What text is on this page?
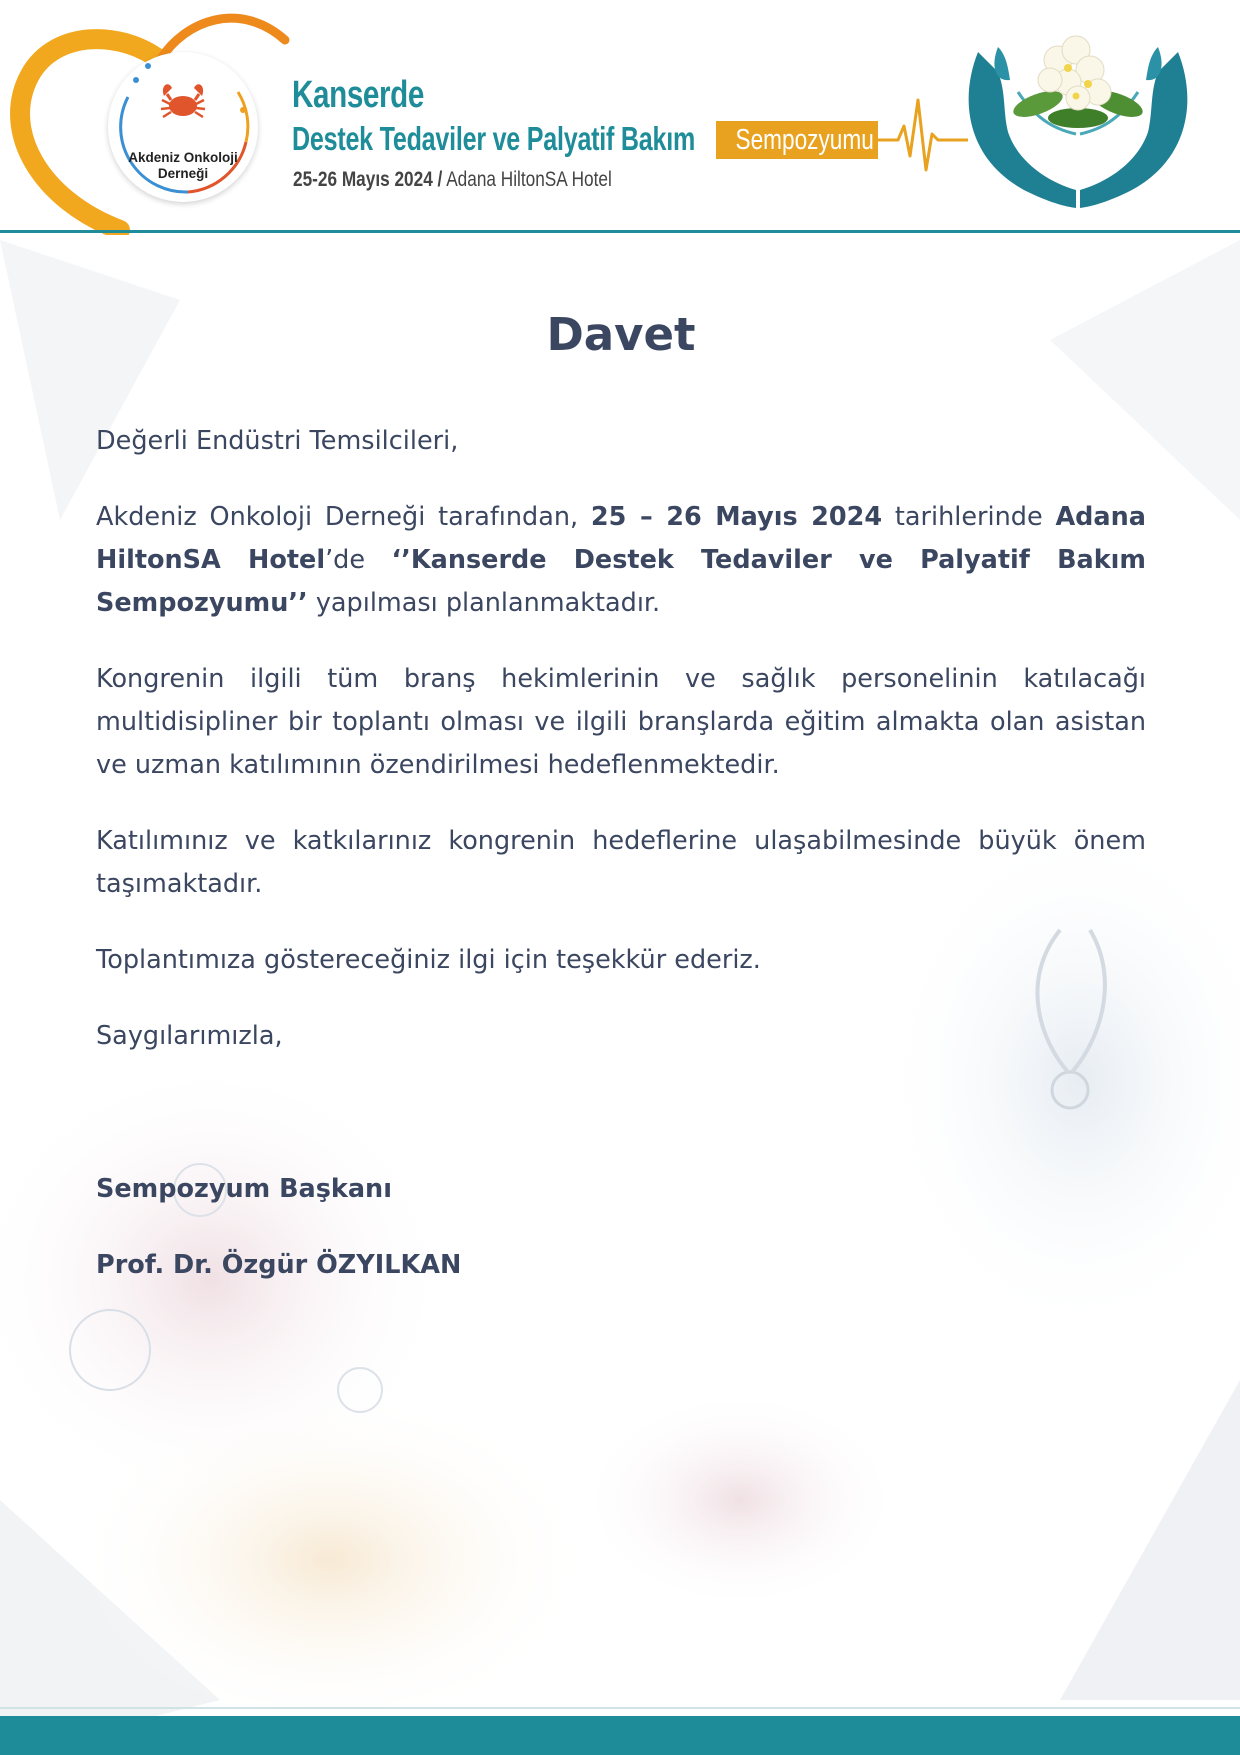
Akdeniz Onkoloji
Derneği
Kanserde
Destek Tedaviler ve Palyatif Bakım	Sempozyumu
25-26 Mayıs 2024 / Adana HiltonSA Hotel
Davet

Değerli Endüstri Temsilcileri,

Akdeniz Onkoloji Derneği tarafından, 25 – 26 Mayıs 2024 tarihlerinde Adana HiltonSA Hotel’de ‘’Kanserde Destek Tedaviler ve Palyatif Bakım Sempozyumu’’ yapılması planlanmaktadır.

Kongrenin ilgili tüm branş hekimlerinin ve sağlık personelinin katılacağı multidisipliner bir toplantı olması ve ilgili branşlarda eğitim almakta olan asistan ve uzman katılımının özendirilmesi hedeflenmektedir.

Katılımınız ve katkılarınız kongrenin hedeflerine ulaşabilmesinde büyük önem taşımaktadır.

Toplantımıza göstereceğiniz ilgi için teşekkür ederiz.

Saygılarımızla,

Sempozyum Başkanı

Prof. Dr. Özgür ÖZYILKAN
